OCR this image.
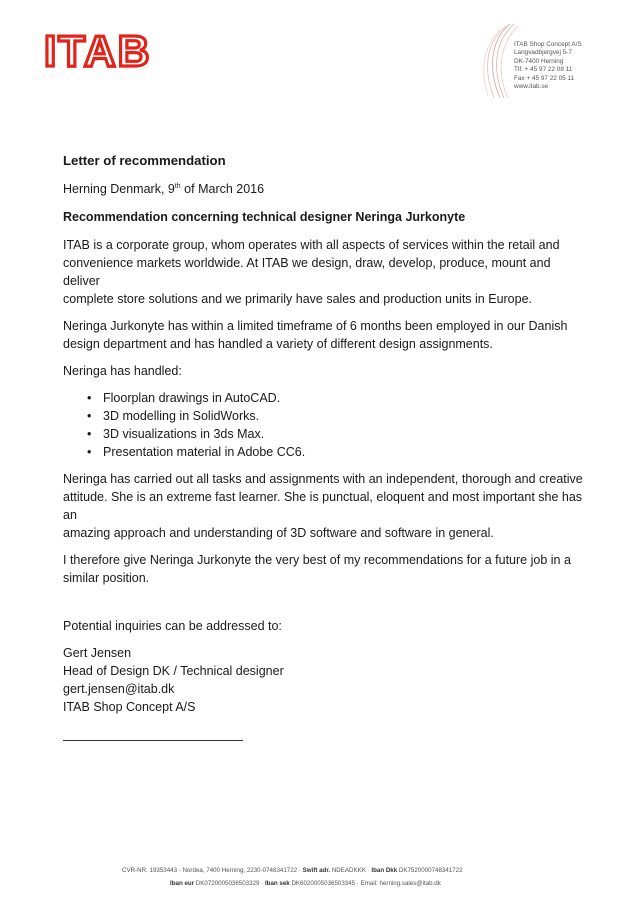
ITAB	ITAB Shop Concept A/S
Langvadbjergvej 5-7
DK-7400 Herning
Tlf. + 45 97 22 08 11
Fax + 45 97 22 05 11
www.itab.se

Letter of recommendation

Herning Denmark, 9th of March 2016

Recommendation concerning technical designer Neringa Jurkonyte

ITAB is a corporate group, whom operates with all aspects of services within the retail and

convenience markets worldwide. At ITAB we design, draw, develop, produce, mount and deliver

complete store solutions and we primarily have sales and production units in Europe.

Neringa Jurkonyte has within a limited timeframe of 6 months been employed in our Danish

design department and has handled a variety of different design assignments.

Neringa has handled:

• Floorplan drawings in AutoCAD.
• 3D modelling in SolidWorks.
• 3D visualizations in 3ds Max.
• Presentation material in Adobe CC6.

Neringa has carried out all tasks and assignments with an independent, thorough and creative

attitude. She is an extreme fast learner. She is punctual, eloquent and most important she has an

amazing approach and understanding of 3D software and software in general.

I therefore give Neringa Jurkonyte the very best of my recommendations for a future job in a

similar position.

Potential inquiries can be addressed to:

Gert Jensen

Head of Design DK / Technical designer

gert.jensen@itab.dk

ITAB Shop Concept A/S

CVR-NR. 19353443 · Nordea, 7400 Herning, 2230-0748341722 · Swift adr. NDEADKKK · Iban Dkk DK7520000748341722
Iban eur DK0720005036503329 · Iban sek DK6020005036503345 · Email: herning.sales@itab.dk
